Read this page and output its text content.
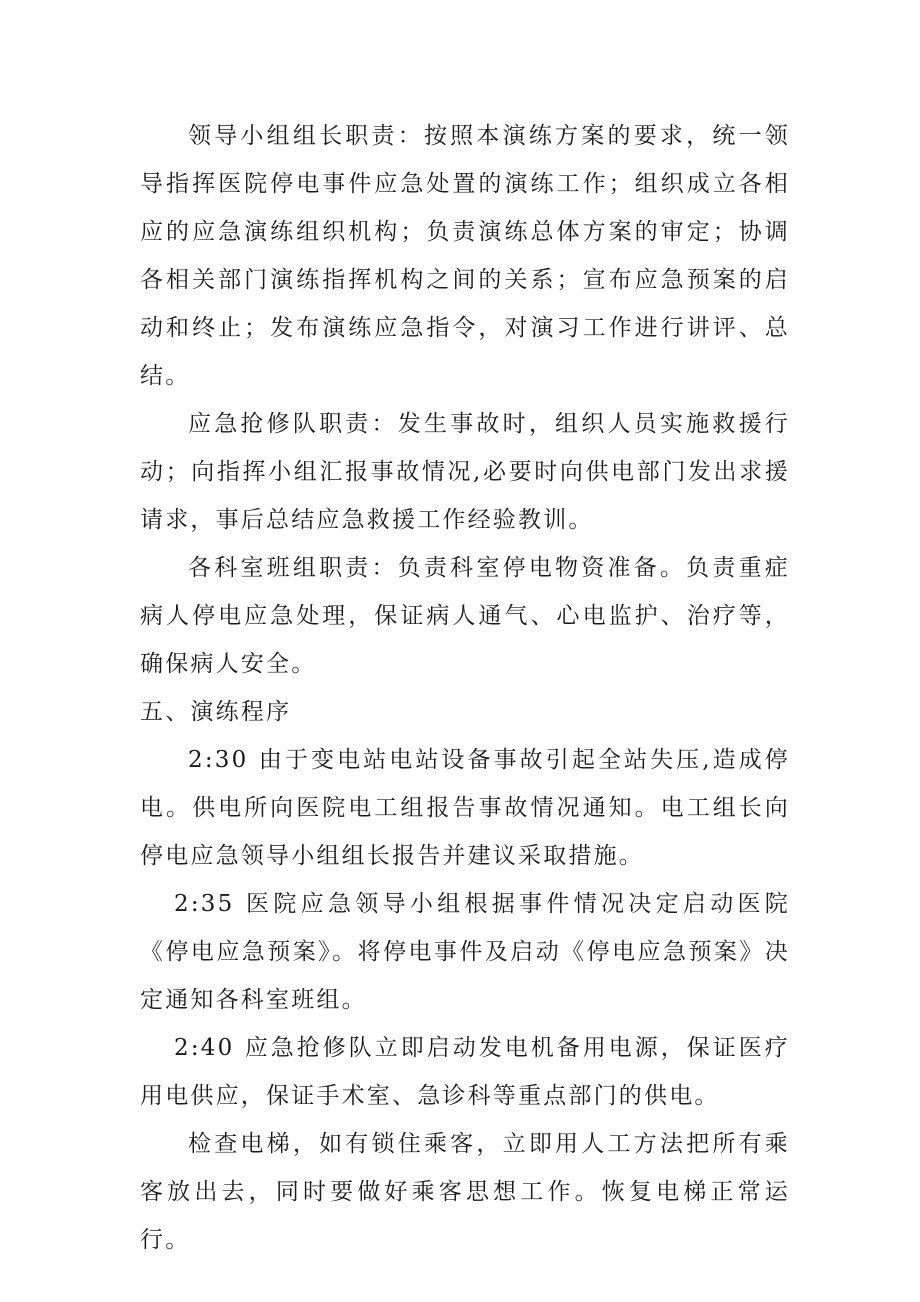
领导小组组长职责：按照本演练方案的要求，统一领导指挥医院停电事件应急处置的演练工作；组织成立各相应的应急演练组织机构；负责演练总体方案的审定；协调各相关部门演练指挥机构之间的关系；宣布应急预案的启动和终止；发布演练应急指令，对演习工作进行讲评、总结。

应急抢修队职责：发生事故时，组织人员实施救援行动；向指挥小组汇报事故情况,必要时向供电部门发出求援请求，事后总结应急救援工作经验教训。

各科室班组职责：负责科室停电物资准备。负责重症病人停电应急处理，保证病人通气、心电监护、治疗等，确保病人安全。

五、演练程序

2:30 由于变电站电站设备事故引起全站失压,造成停电。供电所向医院电工组报告事故情况通知。电工组长向停电应急领导小组组长报告并建议采取措施。

2:35 医院应急领导小组根据事件情况决定启动医院《停电应急预案》。将停电事件及启动《停电应急预案》决定通知各科室班组。

2:40 应急抢修队立即启动发电机备用电源，保证医疗用电供应，保证手术室、急诊科等重点部门的供电。

检查电梯，如有锁住乘客，立即用人工方法把所有乘客放出去，同时要做好乘客思想工作。恢复电梯正常运行。
